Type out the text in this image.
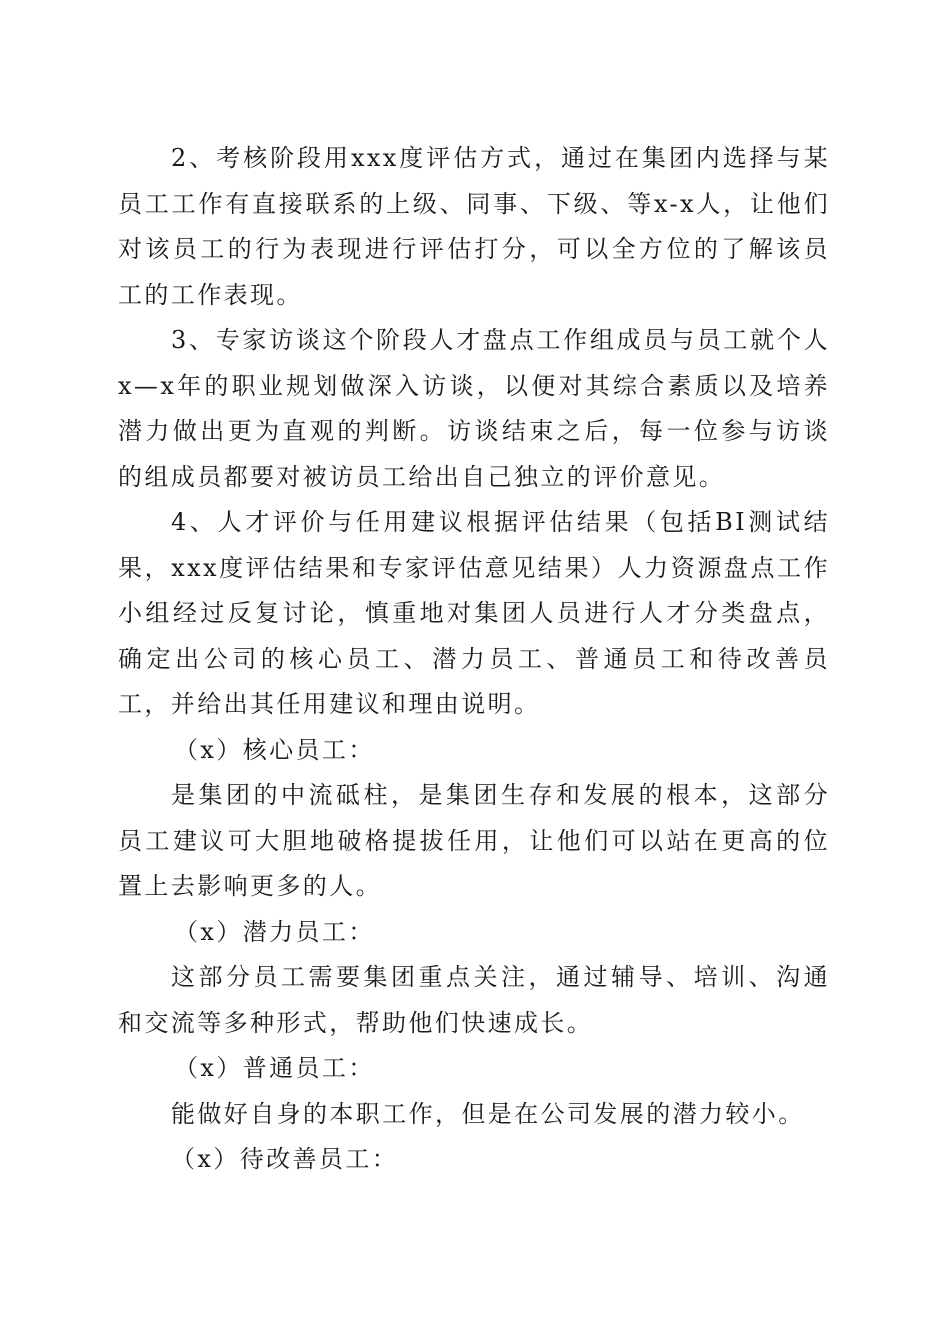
2、考核阶段用xxx度评估方式，通过在集团内选择与某员工工作有直接联系的上级、同事、下级、等x-x人，让他们对该员工的行为表现进行评估打分，可以全方位的了解该员工的工作表现。

3、专家访谈这个阶段人才盘点工作组成员与员工就个人x—x年的职业规划做深入访谈，以便对其综合素质以及培养潜力做出更为直观的判断。访谈结束之后，每一位参与访谈的组成员都要对被访员工给出自己独立的评价意见。

4、人才评价与任用建议根据评估结果（包括BI测试结果，xxx度评估结果和专家评估意见结果）人力资源盘点工作小组经过反复讨论，慎重地对集团人员进行人才分类盘点，确定出公司的核心员工、潜力员工、普通员工和待改善员工，并给出其任用建议和理由说明。

（x）核心员工：

是集团的中流砥柱，是集团生存和发展的根本，这部分员工建议可大胆地破格提拔任用，让他们可以站在更高的位置上去影响更多的人。

（x）潜力员工：

这部分员工需要集团重点关注，通过辅导、培训、沟通和交流等多种形式，帮助他们快速成长。

（x）普通员工：

能做好自身的本职工作，但是在公司发展的潜力较小。

（x）待改善员工：
